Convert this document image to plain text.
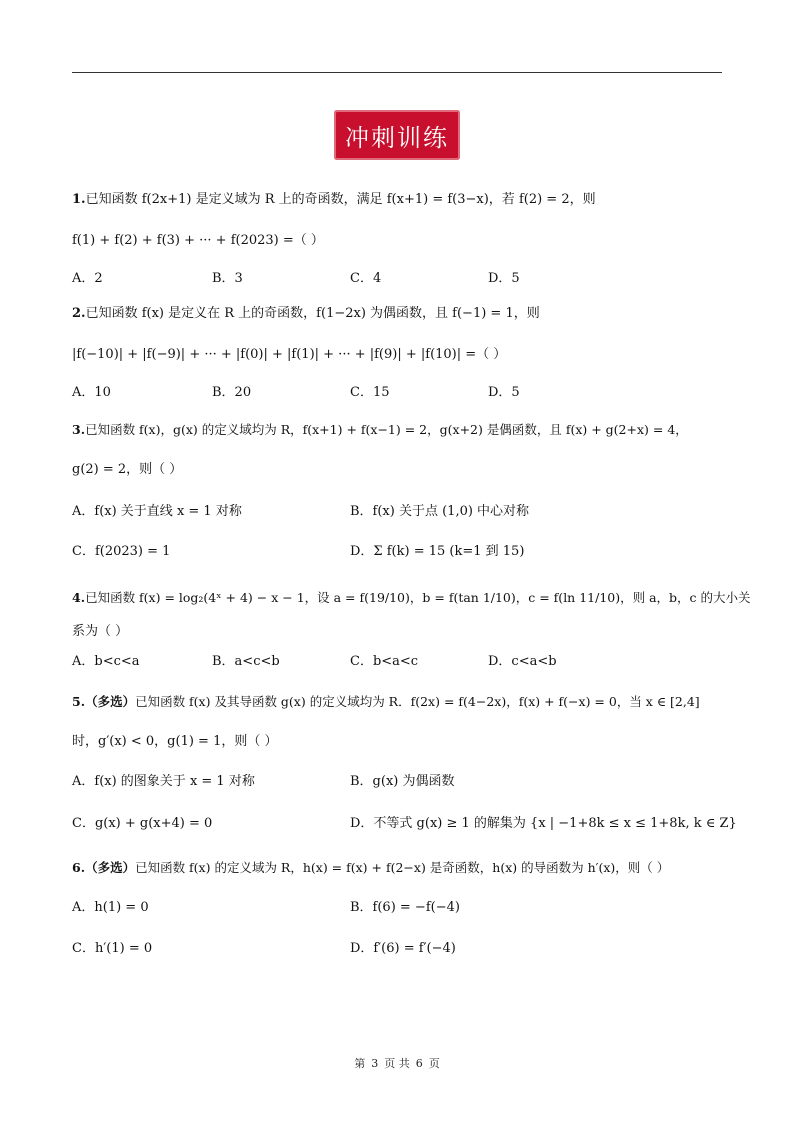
冲刺训练
1.已知函数 f(2x+1) 是定义域为 R 上的奇函数，满足 f(x+1) = f(3−x)，若 f(2) = 2，则
f(1) + f(2) + f(3) + ··· + f(2023) =（ ）
A．2	B．3	C．4	D．5
2.已知函数 f(x) 是定义在 R 上的奇函数，f(1−2x) 为偶函数，且 f(−1) = 1，则
|f(−10)| + |f(−9)| + ··· + |f(0)| + |f(1)| + ··· + |f(9)| + |f(10)| =（ ）
A．10	B．20	C．15	D．5
3.已知函数 f(x)，g(x) 的定义域均为 R，f(x+1) + f(x−1) = 2，g(x+2) 是偶函数，且 f(x) + g(2+x) = 4，
g(2) = 2，则（ ）
A．f(x) 关于直线 x = 1 对称	B．f(x) 关于点 (1,0) 中心对称
C．f(2023) = 1	D．Σ f(k) = 15 (k=1 到 15)
4.已知函数 f(x) = log₂(4ˣ + 4) − x − 1，设 a = f(19/10)，b = f(tan 1/10)，c = f(ln 11/10)，则 a，b，c 的大小关
系为（ ）
A．b<c<a	B．a<c<b	C．b<a<c	D．c<a<b
5.（多选）已知函数 f(x) 及其导函数 g(x) 的定义域均为 R．f(2x) = f(4−2x)，f(x) + f(−x) = 0，当 x ∈ [2,4]
时，g′(x) < 0，g(1) = 1，则（ ）
A．f(x) 的图象关于 x = 1 对称	B．g(x) 为偶函数
C．g(x) + g(x+4) = 0	D．不等式 g(x) ≥ 1 的解集为 {x | −1+8k ≤ x ≤ 1+8k, k ∈ Z}
6.（多选）已知函数 f(x) 的定义域为 R，h(x) = f(x) + f(2−x) 是奇函数，h(x) 的导函数为 h′(x)，则（ ）
A．h(1) = 0	B．f(6) = −f(−4)
C．h′(1) = 0	D．f′(6) = f′(−4)
第 3 页 共 6 页
